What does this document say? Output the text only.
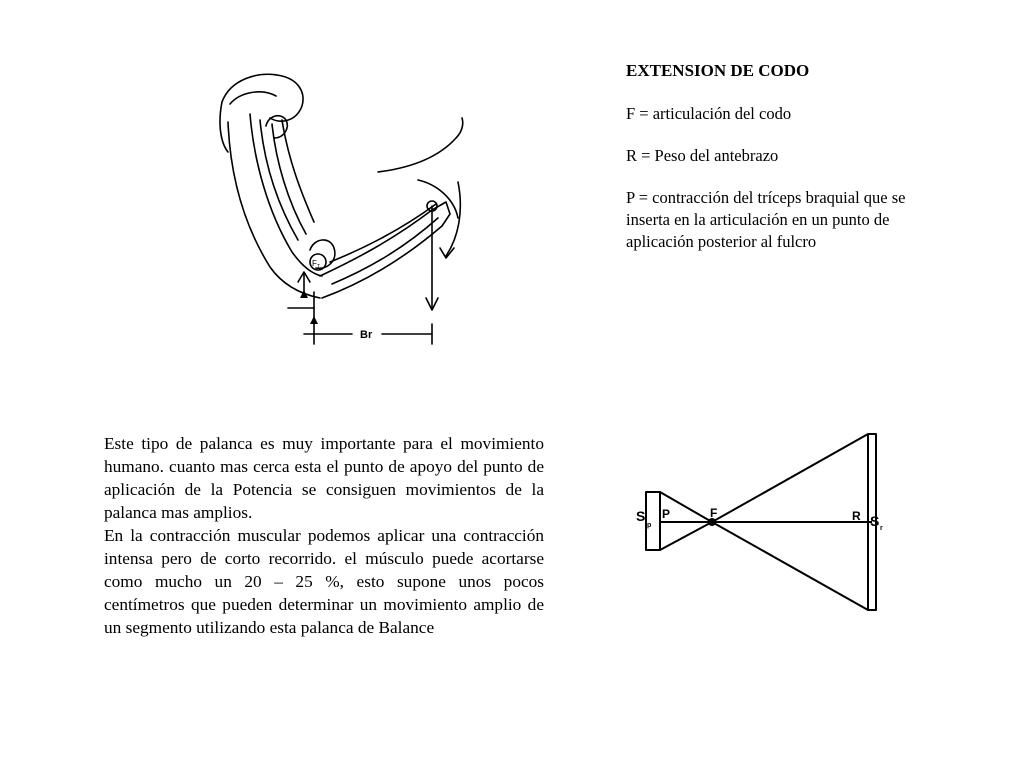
F T
Br

EXTENSION DE CODO

F = articulación del codo

R = Peso del antebrazo

P = contracción del tríceps braquial que se inserta en la articulación en un punto de aplicación posterior al fulcro

Este tipo de palanca es muy importante para el movimiento humano. cuanto mas cerca esta el punto de apoyo del punto de aplicación de la Potencia se consiguen movimientos de la palanca mas amplios.

En la contracción muscular podemos aplicar una contracción intensa pero de corto recorrido. el músculo puede acortarse como mucho un 20 – 25 %, esto supone unos pocos centímetros que pueden determinar un movimiento amplio de un segmento utilizando esta palanca de Balance

S
p
P	F	R S r
